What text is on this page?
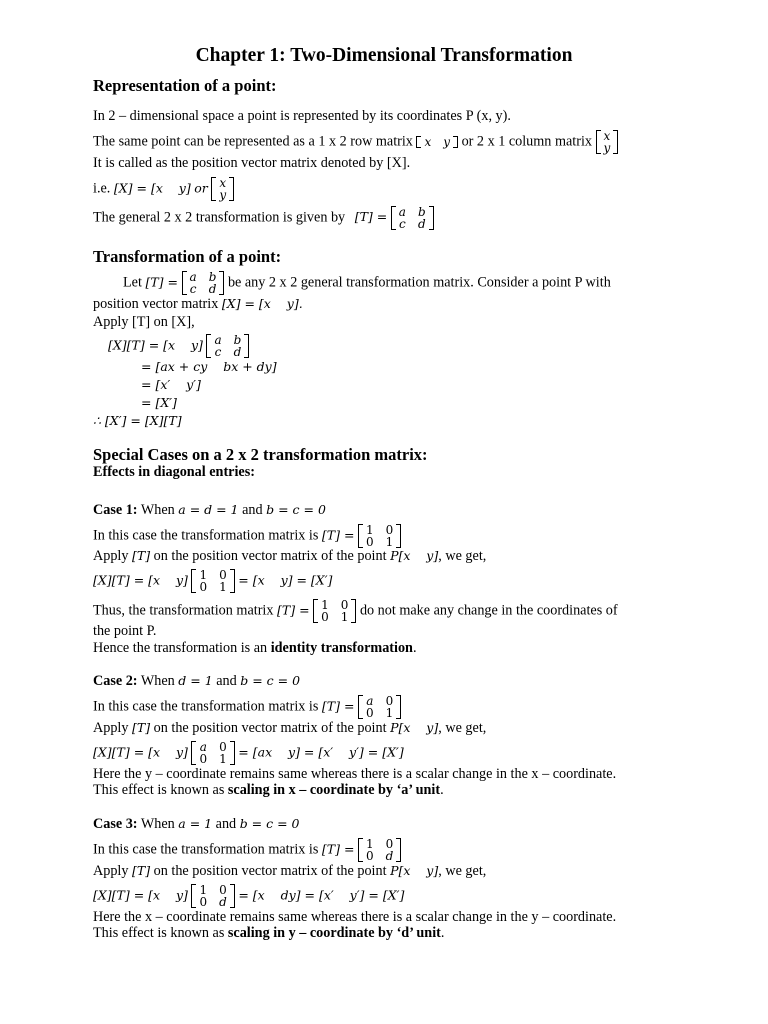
Chapter 1: Two-Dimensional Transformation
Representation of a point:
In 2 – dimensional space a point is represented by its coordinates P (x, y).
The same point can be represented as a 1 x 2 row matrix x y or 2 x 1 column matrix x
y
It is called as the position vector matrix denoted by [X].
i.e. [X] = [x    y] or x
y
The general 2 x 2 transformation is given by [T] = a b
c d
Transformation of a point:
Let [T] = a b
c d be any 2 x 2 general transformation matrix. Consider a point P with
position vector matrix [X] = [x    y].
Apply [T] on [X],
[X][T] = [x    y] a b
c d
= [ax + cy    bx + dy]
= [x′    y′]
= [X′]
∴ [X′] = [X][T]
Special Cases on a 2 x 2 transformation matrix:
Effects in diagonal entries:
Case 1: When a = d = 1 and b = c = 0
In this case the transformation matrix is [T] = 1 0
0 1
Apply [T] on the position vector matrix of the point P[x    y], we get,
[X][T] = [x    y] 1 0
0 1 = [x    y] = [X′]
Thus, the transformation matrix [T] = 1 0
0 1 do not make any change in the coordinates of
the point P.
Hence the transformation is an identity transformation.
Case 2: When d = 1 and b = c = 0
In this case the transformation matrix is [T] = a 0
0 1
Apply [T] on the position vector matrix of the point P[x    y], we get,
[X][T] = [x    y] a 0
0 1 = [ax    y] = [x′    y′] = [X′]
Here the y – coordinate remains same whereas there is a scalar change in the x – coordinate.
This effect is known as scaling in x – coordinate by ‘a’ unit.
Case 3: When a = 1 and b = c = 0
In this case the transformation matrix is [T] = 1 0
0 d
Apply [T] on the position vector matrix of the point P[x    y], we get,
[X][T] = [x    y] 1 0
0 d = [x    dy] = [x′    y′] = [X′]
Here the x – coordinate remains same whereas there is a scalar change in the y – coordinate.
This effect is known as scaling in y – coordinate by ‘d’ unit.
